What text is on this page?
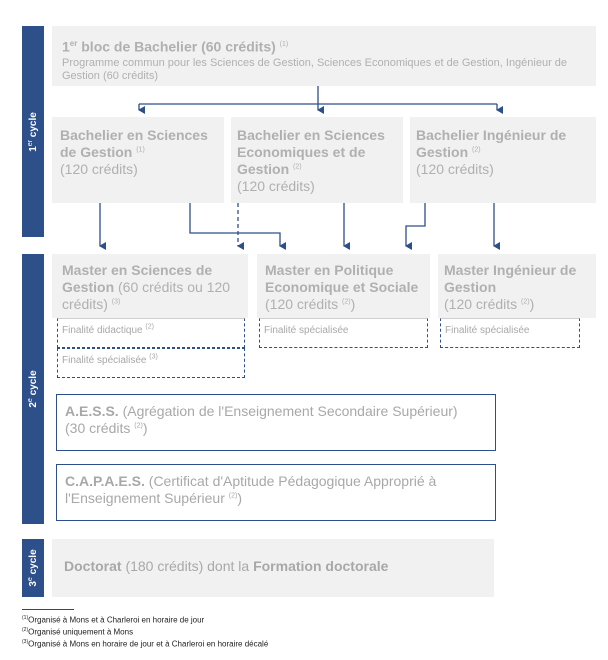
1er cycle
2e cycle
3e cycle
1er bloc de Bachelier (60 crédits) $^{(1)}$
Programme commun pour les Sciences de Gestion, Sciences Economiques et de Gestion, Ingénieur de Gestion (60 crédits)
Bachelier en Sciences de Gestion $^{(1)}$
(120 crédits)
Bachelier en Sciences Economiques et de Gestion $^{(2)}$
(120 crédits)
Bachelier Ingénieur de Gestion $^{(2)}$
(120 crédits)
Master en Sciences de Gestion (60 crédits ou 120 crédits) $^{(3)}$
Master en Politique Economique et Sociale
(120 crédits $^{(2)}$)
Master Ingénieur de Gestion
(120 crédits $^{(2)}$)
Finalité didactique $^{(2)}$
Finalité spécialisée $^{(3)}$
Finalité spécialisée	Finalité spécialisée
A.E.S.S. (Agrégation de l'Enseignement Secondaire Supérieur)
(30 crédits $^{(2)}$)
C.A.P.A.E.S. (Certificat d'Aptitude Pédagogique Approprié à l'Enseignement Supérieur $^{(2)}$)
Doctorat (180 crédits) dont la Formation doctorale
$^{(1)}$Organisé à Mons et à Charleroi en horaire de jour
$^{(2)}$Organisé uniquement à Mons
$^{(3)}$Organisé à Mons en horaire de jour et à Charleroi en horaire décalé
